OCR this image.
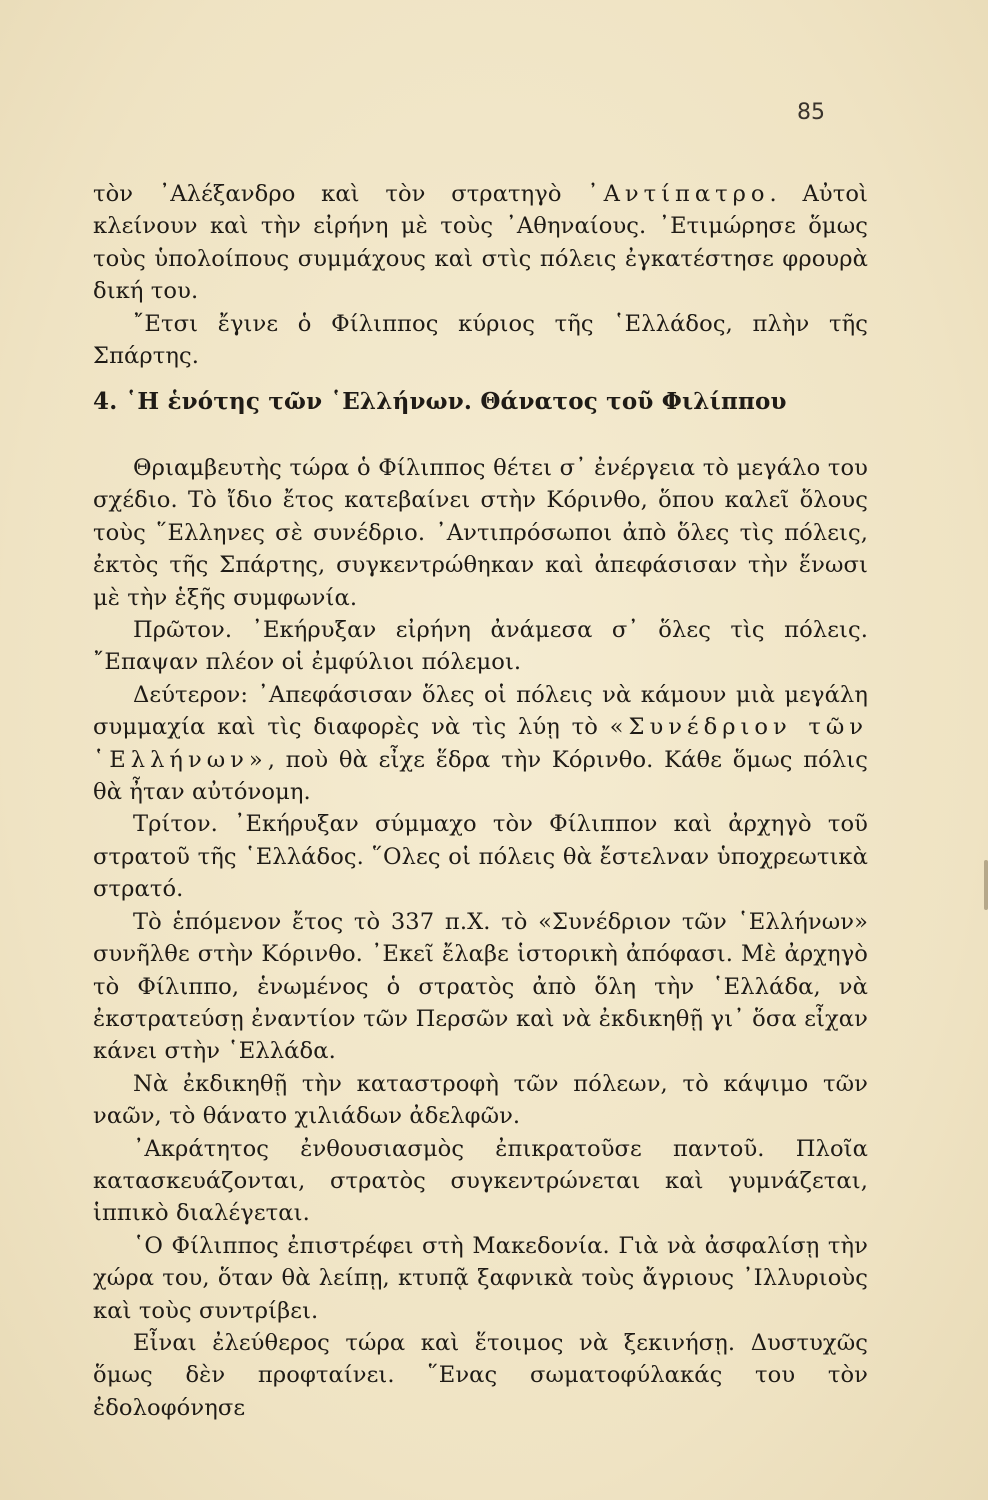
85

τὸν ᾿Αλέξανδρο καὶ τὸν στρατηγὸ ᾿Αντίπατρο. Αὐτοὶ κλείνουν καὶ τὴν εἰρήνη μὲ τοὺς ᾿Αθηναίους. ᾿Ετιμώρησε ὅμως τοὺς ὑπολοίπους συμμάχους καὶ στὶς πόλεις ἐγκατέστησε φρουρὰ δική του.

῎Ετσι ἔγινε ὁ Φίλιππος κύριος τῆς ῾Ελλάδος, πλὴν τῆς Σπάρτης.

4. ῾Η ἑνότης τῶν ῾Ελλήνων. Θάνατος τοῦ Φιλίππου

Θριαμβευτὴς τώρα ὁ Φίλιππος θέτει σ᾿ ἐνέργεια τὸ μεγάλο του σχέδιο. Τὸ ἴδιο ἔτος κατεβαίνει στὴν Κόρινθο, ὅπου καλεῖ ὅλους τοὺς ῞Ελληνες σὲ συνέδριο. ᾿Αντιπρόσωποι ἀπὸ ὅλες τὶς πόλεις, ἐκτὸς τῆς Σπάρτης, συγκεντρώθηκαν καὶ ἀπεφάσισαν τὴν ἕνωσι μὲ τὴν ἑξῆς συμφωνία.

Πρῶτον. ᾿Εκήρυξαν εἰρήνη ἀνάμεσα σ᾿ ὅλες τὶς πόλεις. ῎Επαψαν πλέον οἱ ἐμφύλιοι πόλεμοι.

Δεύτερον: ᾿Απεφάσισαν ὅλες οἱ πόλεις νὰ κάμουν μιὰ μεγάλη συμμαχία καὶ τὶς διαφορὲς νὰ τὶς λύῃ τὸ «Συνέδριον τῶν ῾Ελλήνων», ποὺ θὰ εἶχε ἕδρα τὴν Κόρινθο. Κάθε ὅμως πόλις θὰ ἦταν αὐτόνομη.

Τρίτον. ᾿Εκήρυξαν σύμμαχο τὸν Φίλιππον καὶ ἀρχηγὸ τοῦ στρατοῦ τῆς ῾Ελλάδος. ῞Ολες οἱ πόλεις θὰ ἔστελναν ὑποχρεωτικὰ στρατό.

Τὸ ἑπόμενον ἔτος τὸ 337 π.Χ. τὸ «Συνέδριον τῶν ῾Ελλήνων» συνῆλθε στὴν Κόρινθο. ᾿Εκεῖ ἔλαβε ἱστορικὴ ἀπόφασι. Μὲ ἀρχηγὸ τὸ Φίλιππο, ἑνωμένος ὁ στρατὸς ἀπὸ ὅλη τὴν ῾Ελλάδα, νὰ ἐκστρατεύσῃ ἐναντίον τῶν Περσῶν καὶ νὰ ἐκδικηθῇ γι᾿ ὅσα εἶχαν κάνει στὴν ῾Ελλάδα.

Νὰ ἐκδικηθῇ τὴν καταστροφὴ τῶν πόλεων, τὸ κάψιμο τῶν ναῶν, τὸ θάνατο χιλιάδων ἀδελφῶν.

᾿Ακράτητος ἐνθουσιασμὸς ἐπικρατοῦσε παντοῦ. Πλοῖα κατασκευάζονται, στρατὸς συγκεντρώνεται καὶ γυμνάζεται, ἱππικὸ διαλέγεται.

῾Ο Φίλιππος ἐπιστρέφει στὴ Μακεδονία. Γιὰ νὰ ἀσφαλίσῃ τὴν χώρα του, ὅταν θὰ λείπῃ, κτυπᾷ ξαφνικὰ τοὺς ἄγριους ᾿Ιλλυριοὺς καὶ τοὺς συντρίβει.

Εἶναι ἐλεύθερος τώρα καὶ ἕτοιμος νὰ ξεκινήσῃ. Δυστυχῶς ὅμως δὲν προφταίνει. ῞Ενας σωματοφύλακάς του τὸν ἐδολοφόνησε
